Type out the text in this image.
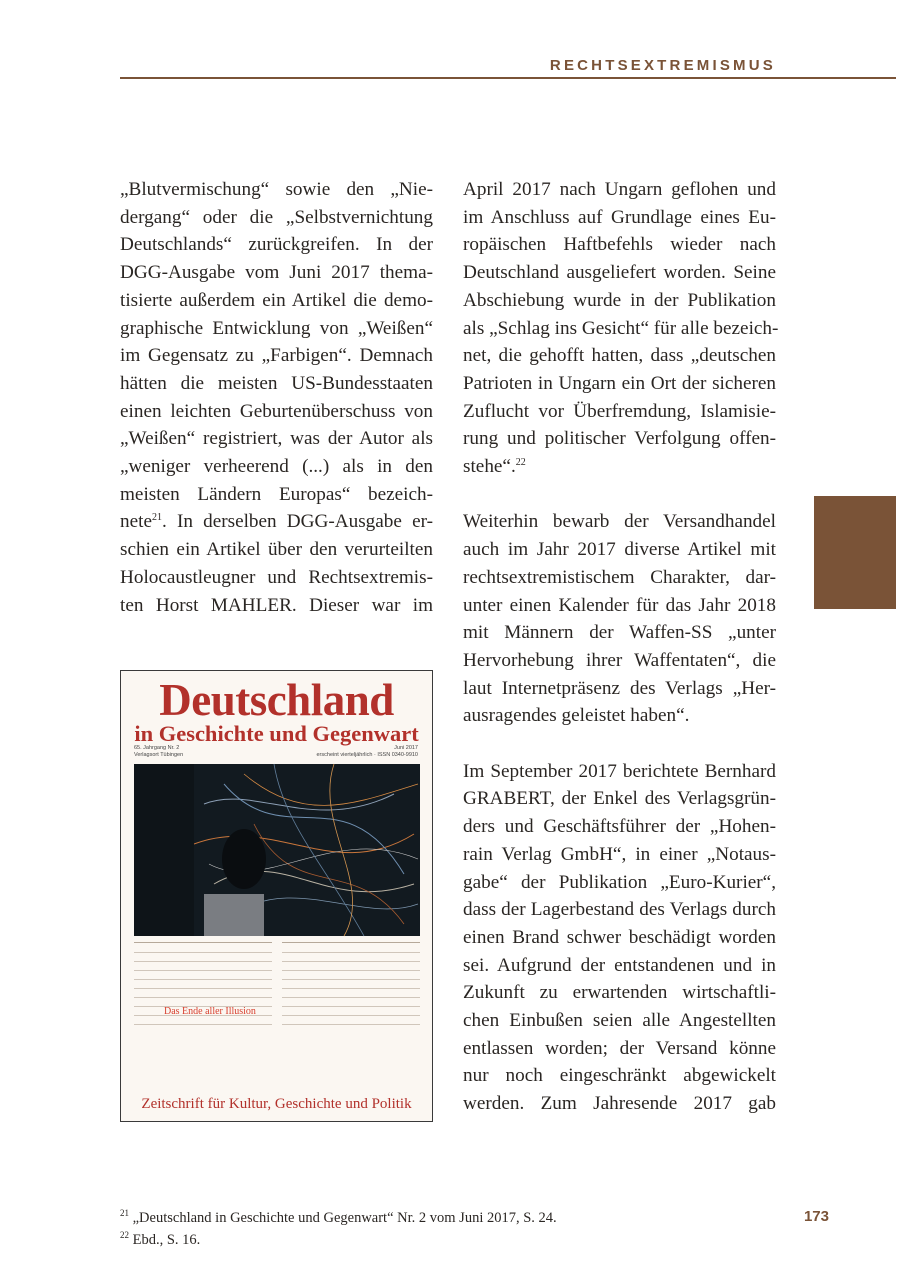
RECHTSEXTREMISMUS
„Blutvermischung“ sowie den „Nie-
dergang“ oder die „Selbstvernichtung
Deutschlands“ zurückgreifen. In der
DGG-Ausgabe vom Juni 2017 thema-
tisierte außerdem ein Artikel die demo-
graphische Entwicklung von „Weißen“
im Gegensatz zu „Farbigen“. Demnach
hätten die meisten US-Bundesstaaten
einen leichten Geburtenüberschuss von
„Weißen“ registriert, was der Autor als
„weniger verheerend (...) als in den
meisten Ländern Europas“ bezeich-
nete$^{21}$. In derselben DGG-Ausgabe er-
schien ein Artikel über den verurteilten
Holocaustleugner und Rechtsextremis-
ten Horst MAHLER. Dieser war im
Deutschland
in Geschichte und Gegenwart
65. Jahrgang Nr. 2
Verlagsort Tübingen
Juni 2017
erscheint vierteljährlich · ISSN 0340-9910
Das Ende aller Illusion
Zeitschrift für Kultur, Geschichte und Politik
April 2017 nach Ungarn geflohen und
im Anschluss auf Grundlage eines Eu-
ropäischen Haftbefehls wieder nach
Deutschland ausgeliefert worden. Seine
Abschiebung wurde in der Publikation
als „Schlag ins Gesicht“ für alle bezeich-
net, die gehofft hatten, dass „deutschen
Patrioten in Ungarn ein Ort der sicheren
Zuflucht vor Überfremdung, Islamisie-
rung und politischer Verfolgung offen-
stehe“.$^{22}$
Weiterhin bewarb der Versandhandel
auch im Jahr 2017 diverse Artikel mit
rechtsextremistischem Charakter, dar-
unter einen Kalender für das Jahr 2018
mit Männern der Waffen-SS „unter
Hervorhebung ihrer Waffentaten“, die
laut Internetpräsenz des Verlags „Her-
ausragendes geleistet haben“.
Im September 2017 berichtete Bernhard
GRABERT, der Enkel des Verlagsgrün-
ders und Geschäftsführer der „Hohen-
rain Verlag GmbH“, in einer „Notaus-
gabe“ der Publikation „Euro-Kurier“,
dass der Lagerbestand des Verlags durch
einen Brand schwer beschädigt worden
sei. Aufgrund der entstandenen und in
Zukunft zu erwartenden wirtschaftli-
chen Einbußen seien alle Angestellten
entlassen worden; der Versand könne
nur noch eingeschränkt abgewickelt
werden. Zum Jahresende 2017 gab
$^{21}$ „Deutschland in Geschichte und Gegenwart“ Nr. 2 vom Juni 2017, S. 24.
$^{22}$ Ebd., S. 16.
173
